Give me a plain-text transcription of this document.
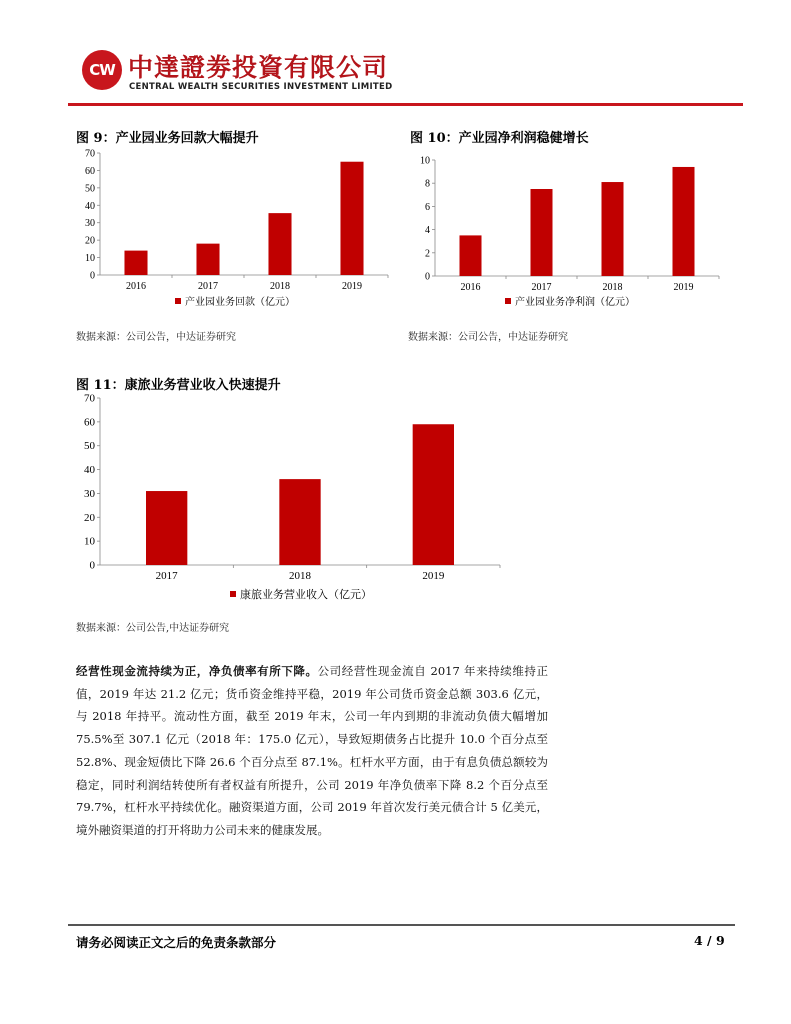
CW 中達證劵投資有限公司
CENTRAL WEALTH SECURITIES INVESTMENT LIMITED
图 9：产业园业务回款大幅提升
0
10
20
30
40
50
60
70
2016	2017	2018	2019
产业园业务回款（亿元）
数据来源：公司公告，中达证券研究
图 10：产业园净利润稳健增长
0
2
4
6
8
10
2016	2017	2018	2019
产业园业务净利润（亿元）
数据来源：公司公告，中达证券研究
图 11：康旅业务营业收入快速提升
0
10
20
30
40
50
60
70
2017	2018	2019
康旅业务营业收入（亿元）
数据来源：公司公告,中达证券研究
经营性现金流持续为正，净负债率有所下降。公司经营性现金流自 2017 年来持续维持正值，2019 年达 21.2 亿元；货币资金维持平稳，2019 年公司货币资金总额 303.6 亿元，与 2018 年持平。流动性方面，截至 2019 年末，公司一年内到期的非流动负债大幅增加 75.5%至 307.1 亿元（2018 年：175.0 亿元），导致短期债务占比提升 10.0 个百分点至 52.8%、现金短债比下降 26.6 个百分点至 87.1%。杠杆水平方面，由于有息负债总额较为稳定，同时利润结转使所有者权益有所提升，公司 2019 年净负债率下降 8.2 个百分点至 79.7%，杠杆水平持续优化。融资渠道方面，公司 2019 年首次发行美元债合计 5 亿美元，境外融资渠道的打开将助力公司未来的健康发展。
请务必阅读正文之后的免责条款部分	4 / 9
